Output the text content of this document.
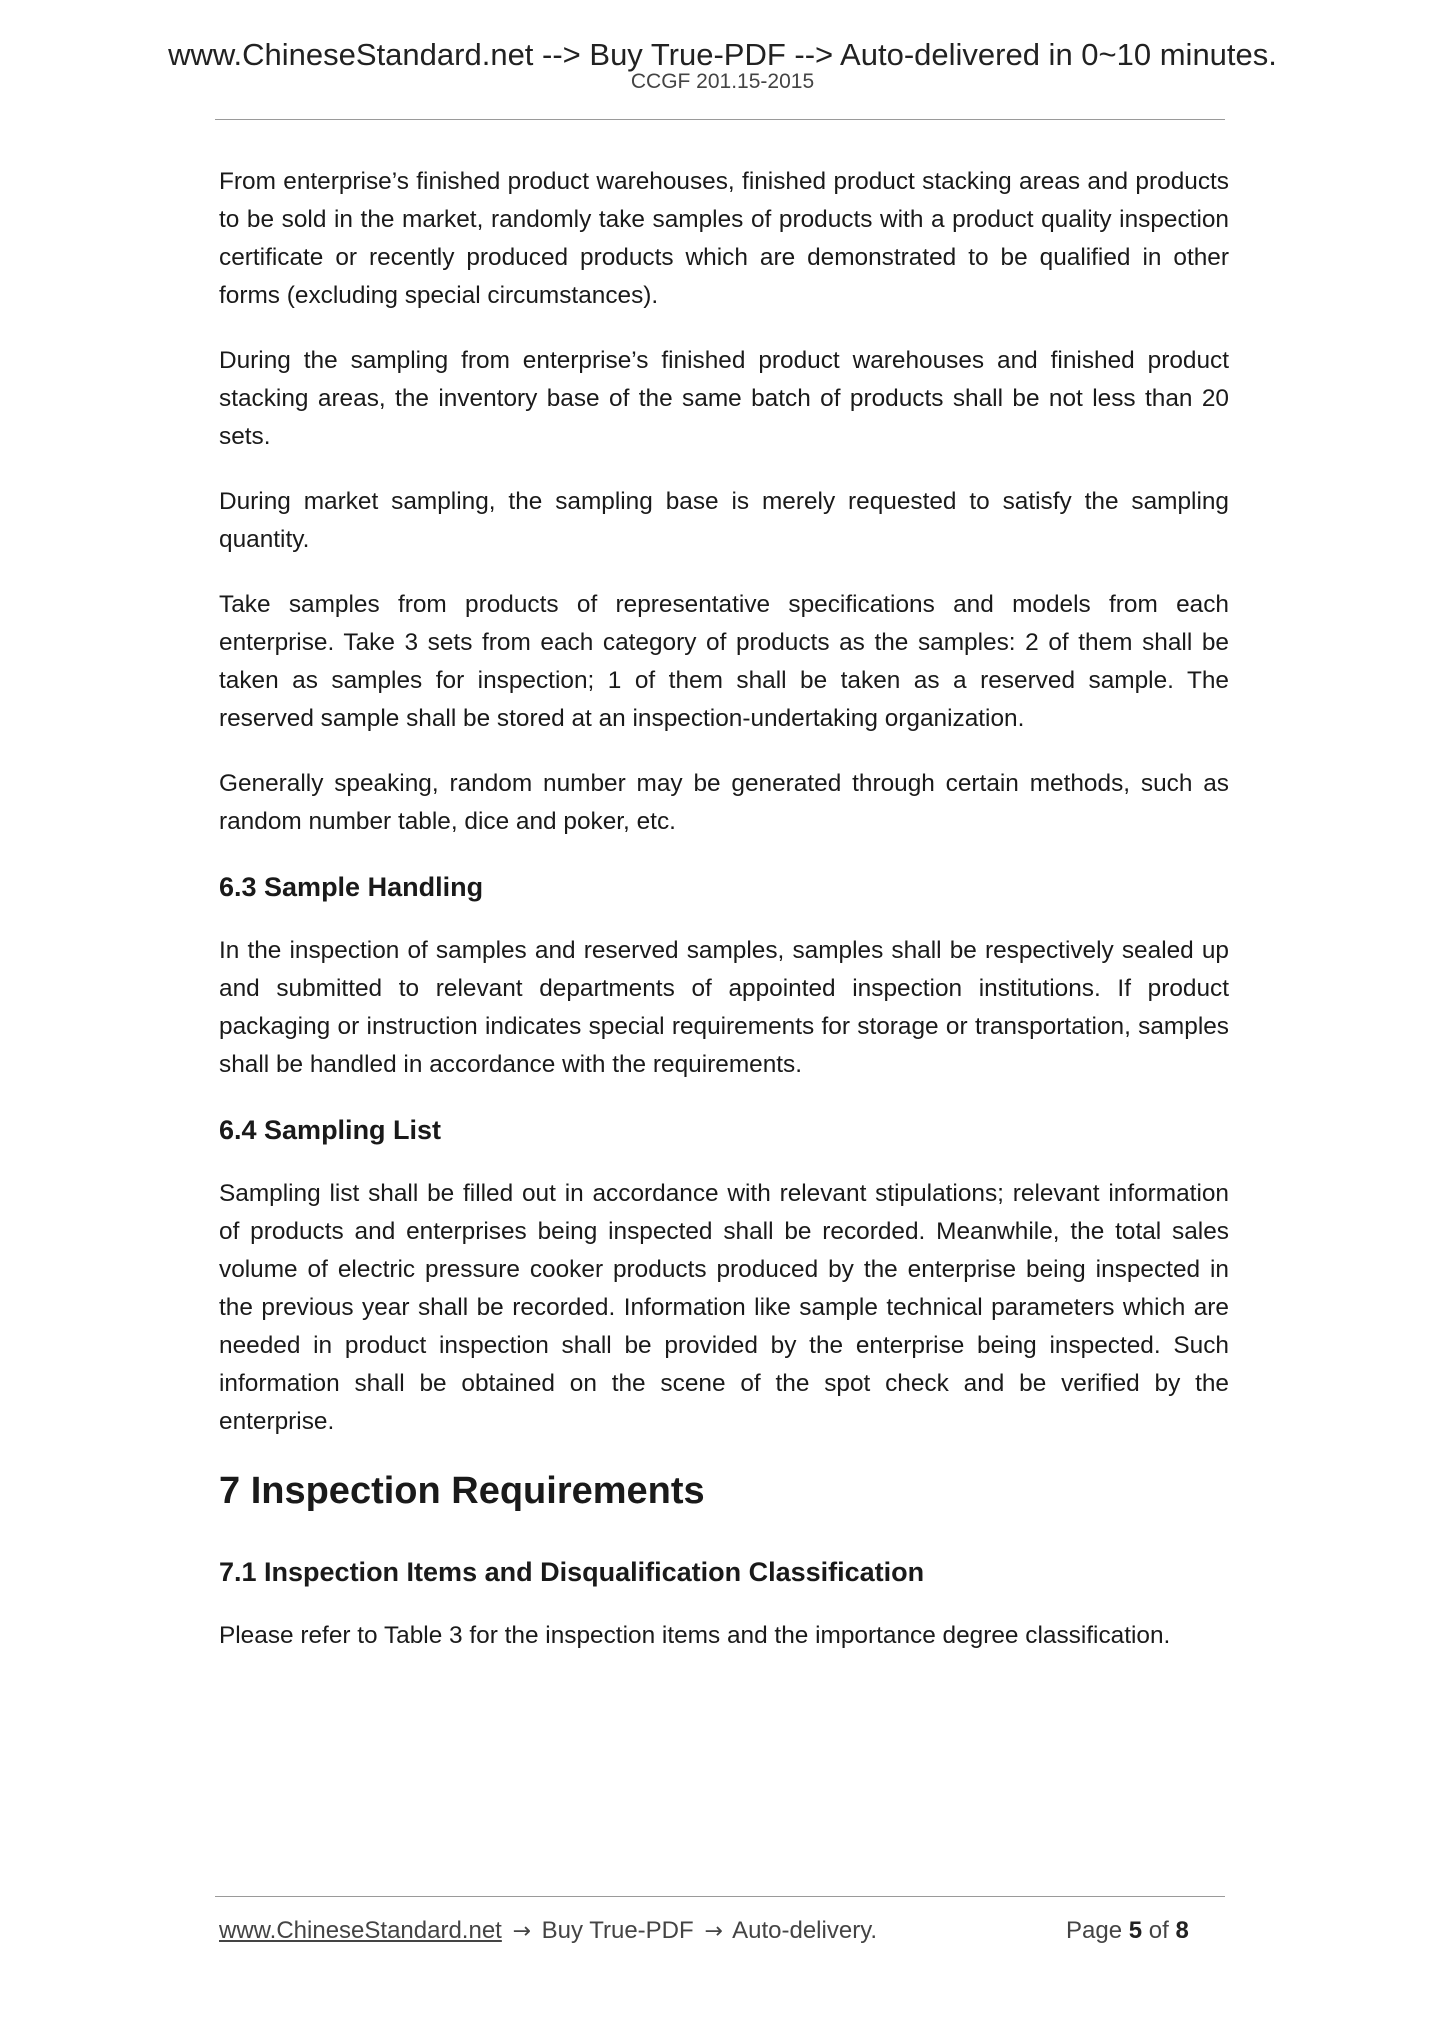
www.ChineseStandard.net --> Buy True-PDF --> Auto-delivered in 0~10 minutes.
CCGF 201.15-2015

From enterprise’s finished product warehouses, finished product stacking areas and products to be sold in the market, randomly take samples of products with a product quality inspection certificate or recently produced products which are demonstrated to be qualified in other forms (excluding special circumstances).

During the sampling from enterprise’s finished product warehouses and finished product stacking areas, the inventory base of the same batch of products shall be not less than 20 sets.

During market sampling, the sampling base is merely requested to satisfy the sampling quantity.

Take samples from products of representative specifications and models from each enterprise. Take 3 sets from each category of products as the samples: 2 of them shall be taken as samples for inspection; 1 of them shall be taken as a reserved sample. The reserved sample shall be stored at an inspection-undertaking organization.

Generally speaking, random number may be generated through certain methods, such as random number table, dice and poker, etc.

6.3 Sample Handling

In the inspection of samples and reserved samples, samples shall be respectively sealed up and submitted to relevant departments of appointed inspection institutions. If product packaging or instruction indicates special requirements for storage or transportation, samples shall be handled in accordance with the requirements.

6.4 Sampling List

Sampling list shall be filled out in accordance with relevant stipulations; relevant information of products and enterprises being inspected shall be recorded. Meanwhile, the total sales volume of electric pressure cooker products produced by the enterprise being inspected in the previous year shall be recorded. Information like sample technical parameters which are needed in product inspection shall be provided by the enterprise being inspected. Such information shall be obtained on the scene of the spot check and be verified by the enterprise.

7 Inspection Requirements
7.1 Inspection Items and Disqualification Classification

Please refer to Table 3 for the inspection items and the importance degree classification.

www.ChineseStandard.net → Buy True-PDF → Auto-delivery.	Page 5 of 8
